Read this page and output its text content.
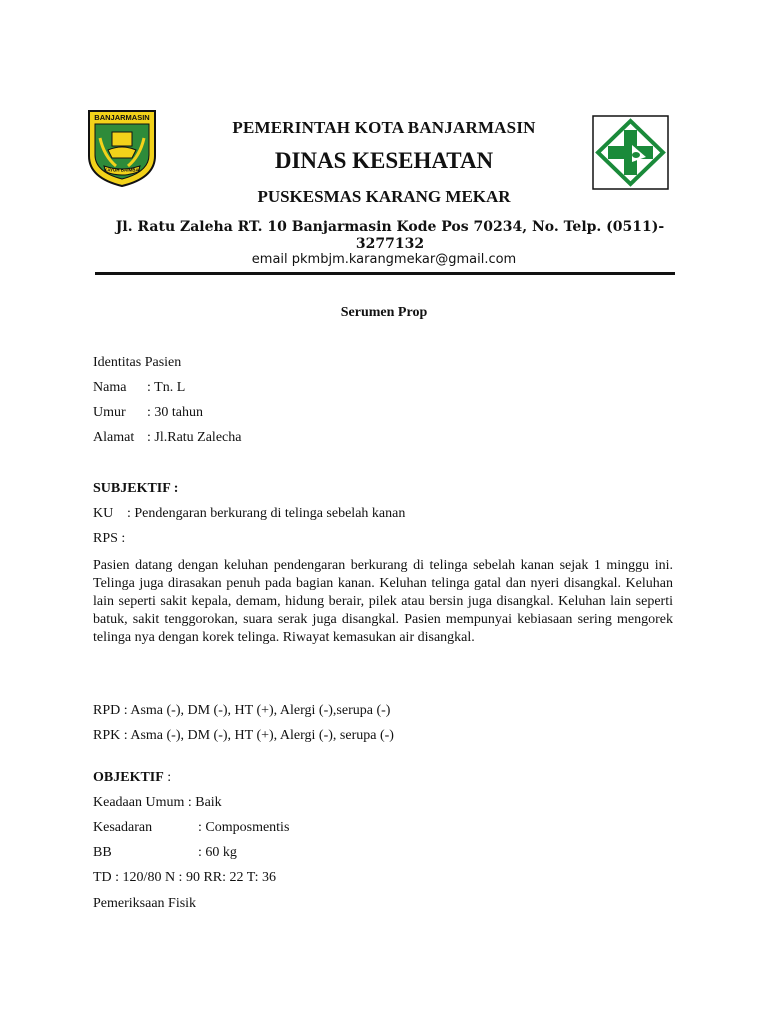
BANJARMASIN
KAYUH BAIMBAI
PEMERINTAH KOTA BANJARMASIN
DINAS KESEHATAN
PUSKESMAS KARANG MEKAR
Jl. Ratu Zaleha RT. 10 Banjarmasin Kode Pos 70234, No. Telp. (0511)- 3277132
email pkmbjm.karangmekar@gmail.com
Serumen Prop
Identitas Pasien
Nama : Tn. L
Umur : 30 tahun
Alamat : Jl.Ratu Zalecha
SUBJEKTIF :
KU : Pendengaran berkurang di telinga sebelah kanan
RPS :
Pasien datang dengan keluhan pendengaran berkurang di telinga sebelah kanan sejak 1 minggu ini. Telinga juga dirasakan penuh pada bagian kanan. Keluhan telinga gatal dan nyeri disangkal. Keluhan lain seperti sakit kepala, demam, hidung berair, pilek atau bersin juga disangkal. Keluhan lain seperti batuk, sakit tenggorokan, suara serak juga disangkal. Pasien mempunyai kebiasaan sering mengorek telinga nya dengan korek telinga. Riwayat kemasukan air disangkal.
RPD : Asma (-), DM (-), HT (+), Alergi (-),serupa (-)
RPK : Asma (-), DM (-), HT (+), Alergi (-), serupa (-)
OBJEKTIF :
Keadaan Umum : Baik
Kesadaran	: Composmentis
BB	: 60 kg
TD : 120/80 N : 90 RR: 22 T: 36
Pemeriksaan Fisik
